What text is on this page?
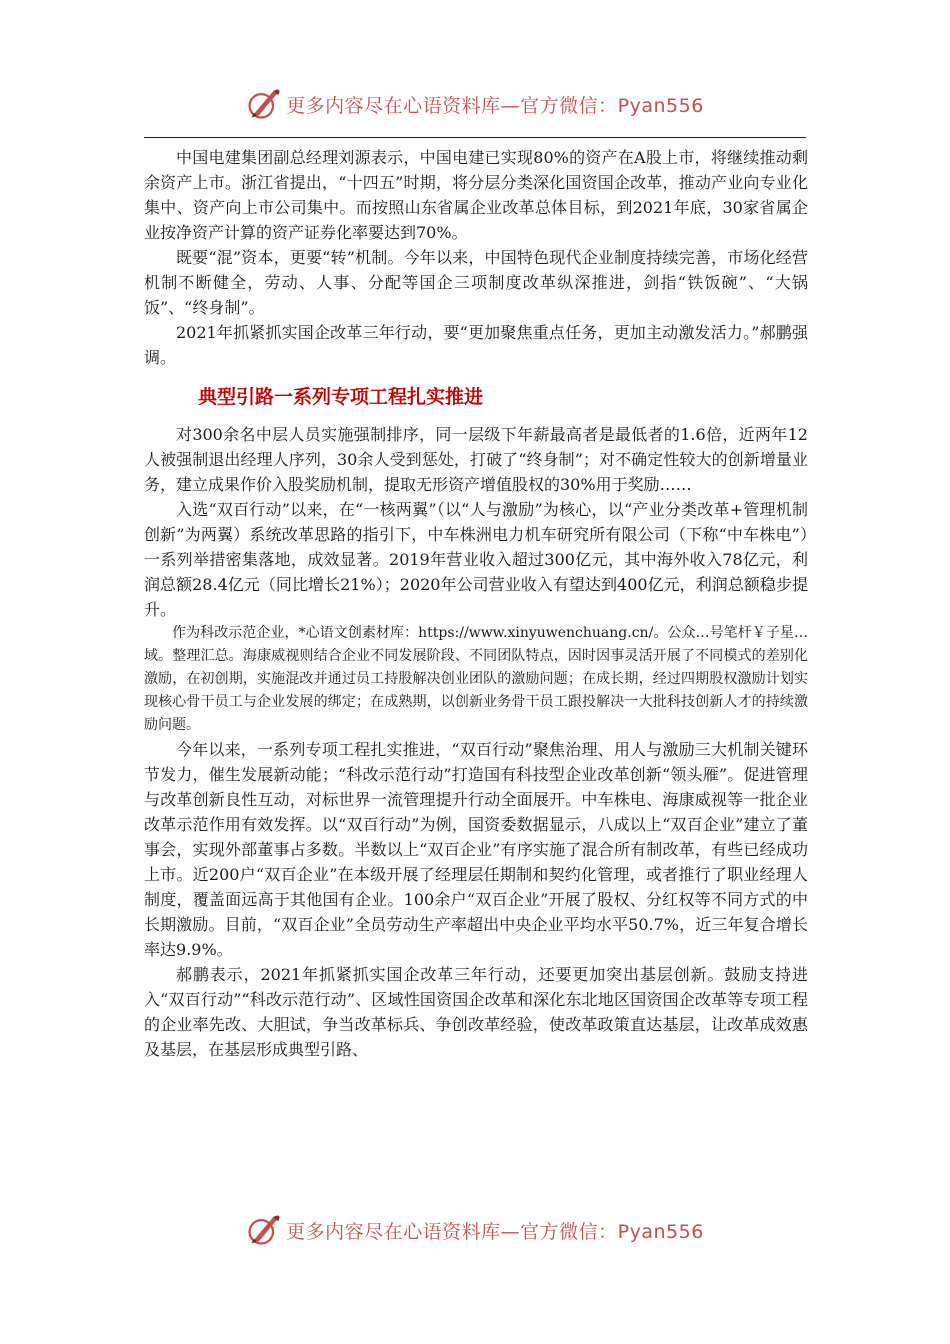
更多内容尽在心语资料库—官方微信：Pyan556

中国电建集团副总经理刘源表示，中国电建已实现80%的资产在A股上市，将继续推动剩余资产上市。浙江省提出，“十四五”时期，将分层分类深化国资国企改革，推动产业向专业化集中、资产向上市公司集中。而按照山东省属企业改革总体目标，到2021年底，30家省属企业按净资产计算的资产证券化率要达到70%。

既要“混”资本，更要“转”机制。今年以来，中国特色现代企业制度持续完善，市场化经营机制不断健全，劳动、人事、分配等国企三项制度改革纵深推进，剑指“铁饭碗”、“大锅饭”、“终身制”。

2021年抓紧抓实国企改革三年行动，要“更加聚焦重点任务，更加主动激发活力。”郝鹏强调。

典型引路一系列专项工程扎实推进

对300余名中层人员实施强制排序，同一层级下年薪最高者是最低者的1.6倍，近两年12人被强制退出经理人序列，30余人受到惩处，打破了“终身制”；对不确定性较大的创新增量业务，建立成果作价入股奖励机制，提取无形资产增值股权的30%用于奖励……

入选“双百行动”以来，在“一核两翼”（以“人与激励”为核心，以“产业分类改革+管理机制创新”为两翼）系统改革思路的指引下，中车株洲电力机车研究所有限公司（下称“中车株电”）一系列举措密集落地，成效显著。2019年营业收入超过300亿元，其中海外收入78亿元，利润总额28.4亿元（同比增长21%）；2020年公司营业收入有望达到400亿元，利润总额稳步提升。

作为科改示范企业，*心语文创素材库：https://www.xinyuwenchuang.cn/。公众…号笔杆￥子星…域。整理汇总。海康威视则结合企业不同发展阶段、不同团队特点，因时因事灵活开展了不同模式的差别化激励，在初创期，实施混改并通过员工持股解决创业团队的激励问题；在成长期，经过四期股权激励计划实现核心骨干员工与企业发展的绑定；在成熟期，以创新业务骨干员工跟投解决一大批科技创新人才的持续激励问题。

今年以来，一系列专项工程扎实推进，“双百行动”聚焦治理、用人与激励三大机制关键环节发力，催生发展新动能；“科改示范行动”打造国有科技型企业改革创新“领头雁”。促进管理与改革创新良性互动，对标世界一流管理提升行动全面展开。中车株电、海康威视等一批企业改革示范作用有效发挥。以“双百行动”为例，国资委数据显示，八成以上“双百企业”建立了董事会，实现外部董事占多数。半数以上“双百企业”有序实施了混合所有制改革，有些已经成功上市。近200户“双百企业”在本级开展了经理层任期制和契约化管理，或者推行了职业经理人制度，覆盖面远高于其他国有企业。100余户“双百企业”开展了股权、分红权等不同方式的中长期激励。目前，“双百企业”全员劳动生产率超出中央企业平均水平50.7%，近三年复合增长率达9.9%。

郝鹏表示，2021年抓紧抓实国企改革三年行动，还要更加突出基层创新。鼓励支持进入“双百行动”“科改示范行动”、区域性国资国企改革和深化东北地区国资国企改革等专项工程的企业率先改、大胆试，争当改革标兵、争创改革经验，使改革政策直达基层，让改革成效惠及基层，在基层形成典型引路、

更多内容尽在心语资料库—官方微信：Pyan556
